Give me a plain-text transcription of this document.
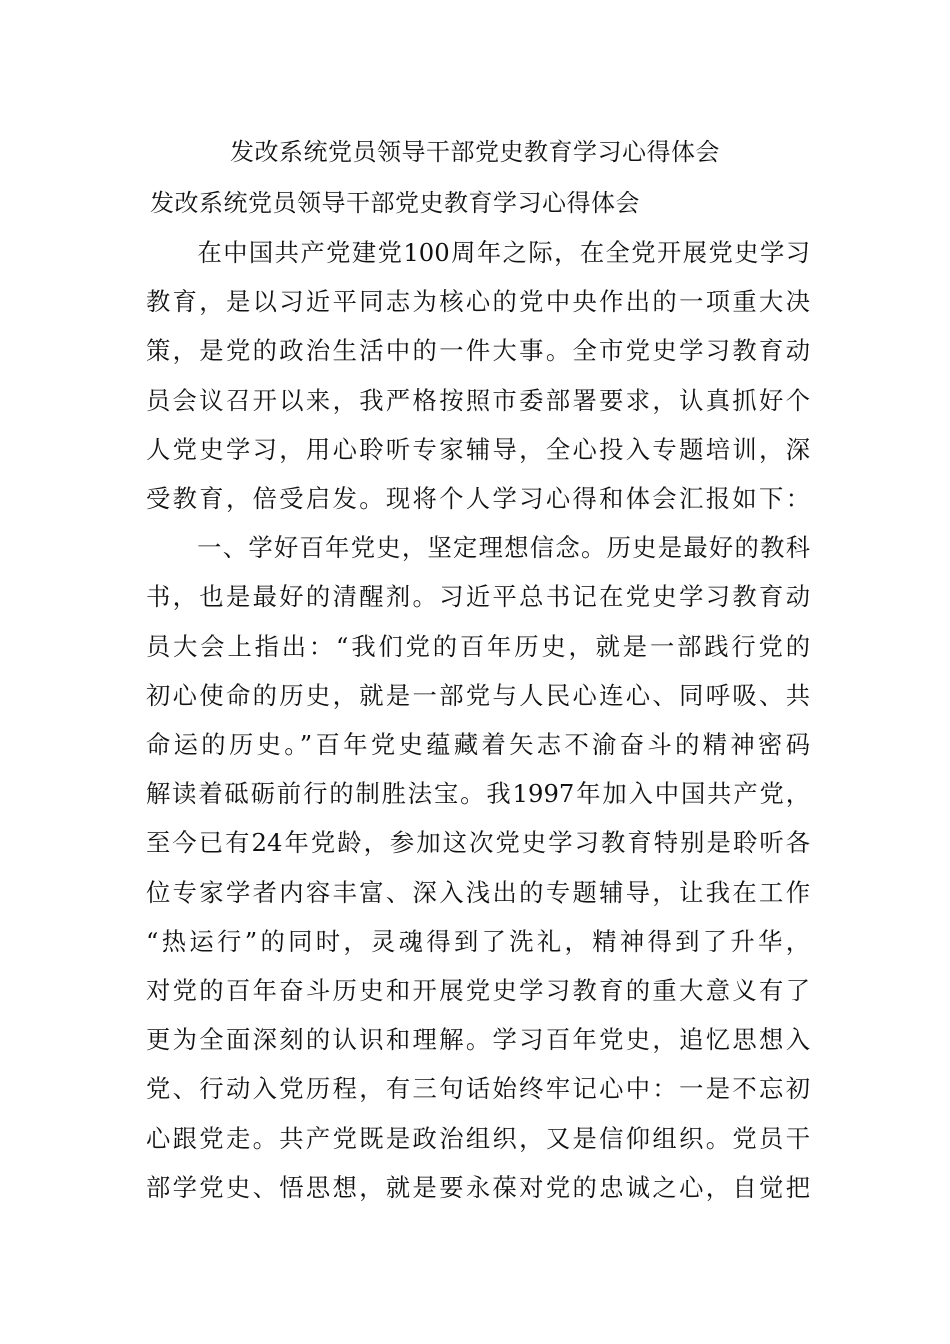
发改系统党员领导干部党史教育学习心得体会
发改系统党员领导干部党史教育学习心得体会
　　在中国共产党建党100周年之际，在全党开展党史学习
教育，是以习近平同志为核心的党中央作出的一项重大决
策，是党的政治生活中的一件大事。全市党史学习教育动
员会议召开以来，我严格按照市委部署要求，认真抓好个
人党史学习，用心聆听专家辅导，全心投入专题培训，深
受教育，倍受启发。现将个人学习心得和体会汇报如下：
　　一、学好百年党史，坚定理想信念。历史是最好的教科
书，也是最好的清醒剂。习近平总书记在党史学习教育动
员大会上指出：“我们党的百年历史，就是一部践行党的
初心使命的历史，就是一部党与人民心连心、同呼吸、共
命运的历史。”百年党史蕴藏着矢志不渝奋斗的精神密码
解读着砥砺前行的制胜法宝。我1997年加入中国共产党，
至今已有24年党龄，参加这次党史学习教育特别是聆听各
位专家学者内容丰富、深入浅出的专题辅导，让我在工作
“热运行”的同时，灵魂得到了洗礼，精神得到了升华，
对党的百年奋斗历史和开展党史学习教育的重大意义有了
更为全面深刻的认识和理解。学习百年党史，追忆思想入
党、行动入党历程，有三句话始终牢记心中：一是不忘初
心跟党走。共产党既是政治组织，又是信仰组织。党员干
部学党史、悟思想，就是要永葆对党的忠诚之心，自觉把
